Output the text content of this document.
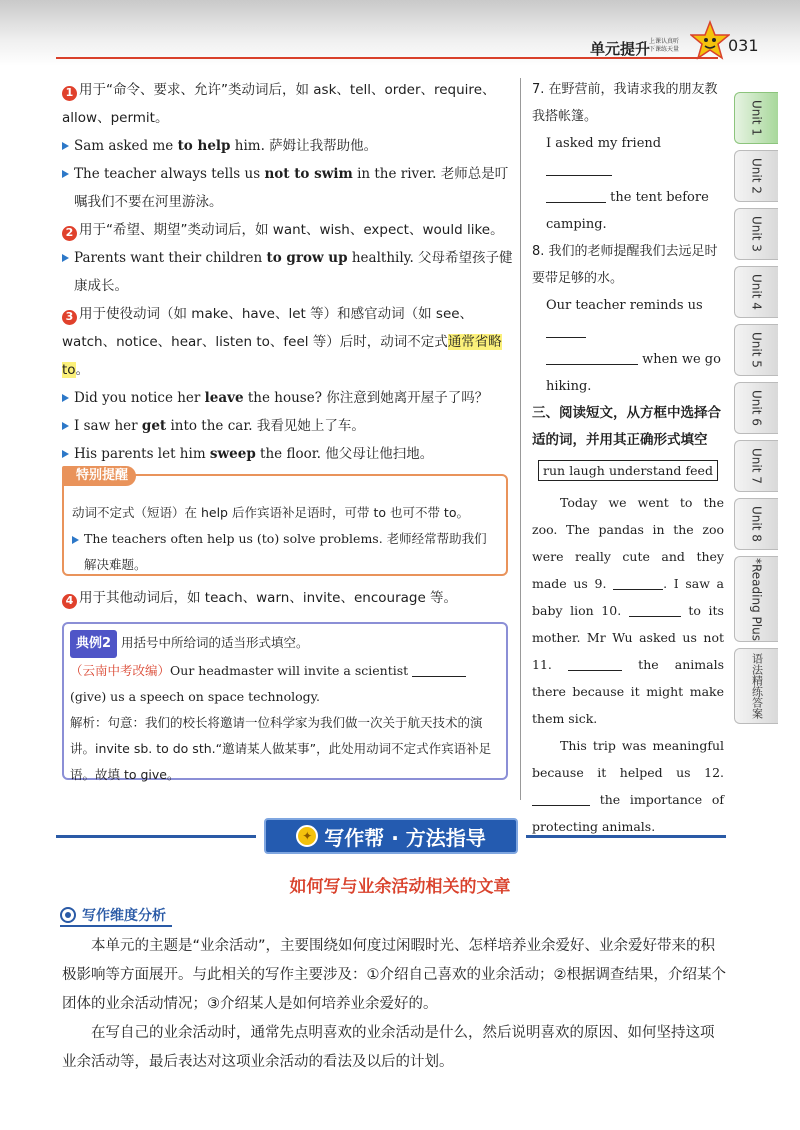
单元提升
上课认真听
下课练天量	031
Unit 1
Unit 2
Unit 3
Unit 4
Unit 5
Unit 6
Unit 7
Unit 8
*Reading Plus
语法精练答案
1 用于“命令、要求、允许”类动词后，如 ask、tell、order、require、allow、permit。
Sam asked me to help him. 萨姆让我帮助他。
The teacher always tells us not to swim in the river. 老师总是叮嘱我们不要在河里游泳。
2 用于“希望、期望”类动词后，如 want、wish、expect、would like。
Parents want their children to grow up healthily. 父母希望孩子健康成长。
3 用于使役动词（如 make、have、let 等）和感官动词（如 see、watch、notice、hear、listen to、feel 等）后时，动词不定式通常省略 to。
Did you notice her leave the house? 你注意到她离开屋子了吗？
I saw her get into the car. 我看见她上了车。
His parents let him sweep the floor. 他父母让他扫地。
特别提醒
动词不定式（短语）在 help 后作宾语补足语时，可带 to 也可不带 to。
The teachers often help us (to) solve problems. 老师经常帮助我们解决难题。
4 用于其他动词后，如 teach、warn、invite、encourage 等。
典例2 用括号中所给词的适当形式填空。
（云南中考改编）Our headmaster will invite a scientist (give) us a speech on space technology.
解析：句意：我们的校长将邀请一位科学家为我们做一次关于航天技术的演讲。invite sb. to do sth.“邀请某人做某事”，此处用动词不定式作宾语补足语。故填 to give。
7. 在野营前，我请求我的朋友教我搭帐篷。
I asked my friend
the tent before camping.
8. 我们的老师提醒我们去远足时要带足够的水。
Our teacher reminds us
when we go hiking.
三、阅读短文，从方框中选择合适的词，并用其正确形式填空
run laugh understand feed
Today we went to the zoo. The pandas in the zoo were really cute and they made us 9.	. I saw a baby lion 10.	to its mother. Mr Wu asked us not 11.	the animals there because it might make them sick.
This trip was meaningful because it helped us 12.  the importance of protecting animals.
✦ 写作帮 · 方法指导
如何写与业余活动相关的文章
写作维度分析
本单元的主题是“业余活动”，主要围绕如何度过闲暇时光、怎样培养业余爱好、业余爱好带来的积极影响等方面展开。与此相关的写作主要涉及：①介绍自己喜欢的业余活动；②根据调查结果，介绍某个团体的业余活动情况；③介绍某人是如何培养业余爱好的。
在写自己的业余活动时，通常先点明喜欢的业余活动是什么，然后说明喜欢的原因、如何坚持这项业余活动等，最后表达对这项业余活动的看法及以后的计划。
